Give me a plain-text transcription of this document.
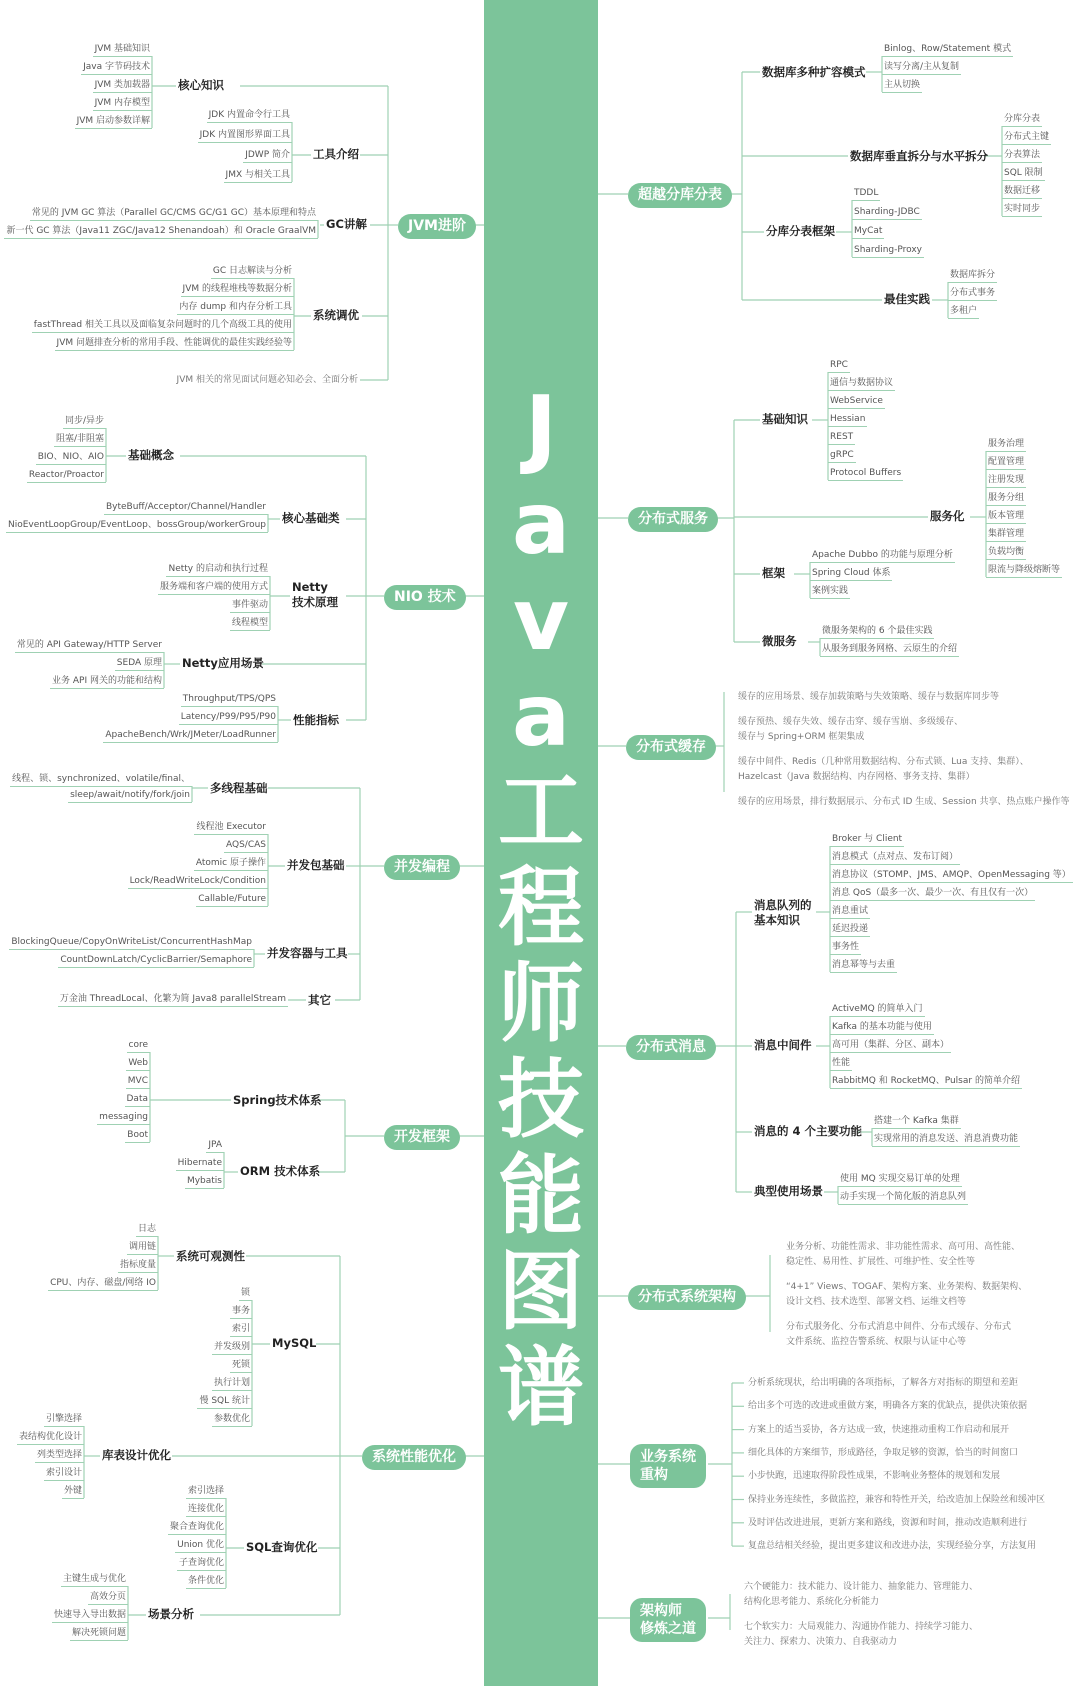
J
a
v
a
工
程
师
技
能
图
谱
JVM进阶
核心知识
JVM 基础知识
Java 字节码技术
JVM 类加载器
JVM 内存模型
JVM 启动参数详解
工具介绍
JDK 内置命令行工具
JDK 内置图形界面工具
JDWP 简介
JMX 与相关工具
GC讲解
常见的 JVM GC 算法（Parallel GC/CMS GC/G1 GC）基本原理和特点
新一代 GC 算法（Java11 ZGC/Java12 Shenandoah）和 Oracle GraalVM
系统调优
GC 日志解读与分析
JVM 的线程堆栈等数据分析
内存 dump 和内存分析工具
fastThread 相关工具以及面临复杂问题时的几个高级工具的使用
JVM 问题排查分析的常用手段、性能调优的最佳实践经验等
JVM 相关的常见面试问题必知必会、全面分析
NIO 技术
基础概念
同步/异步
阻塞/非阻塞
BIO、NIO、AIO
Reactor/Proactor
核心基础类
ByteBuff/Acceptor/Channel/Handler
NioEventLoopGroup/EventLoop、bossGroup/workerGroup
Netty
技术原理
Netty 的启动和执行过程
服务端和客户端的使用方式
事件驱动
线程模型
Netty应用场景
常见的 API Gateway/HTTP Server
SEDA 原理
业务 API 网关的功能和结构
性能指标
Throughput/TPS/QPS
Latency/P99/P95/P90
ApacheBench/Wrk/JMeter/LoadRunner
并发编程
多线程基础
线程、锁、synchronized、volatile/final、
sleep/await/notify/fork/join
并发包基础
线程池 Executor
AQS/CAS
Atomic 原子操作
Lock/ReadWriteLock/Condition
Callable/Future
并发容器与工具
BlockingQueue/CopyOnWriteList/ConcurrentHashMap
CountDownLatch/CyclicBarrier/Semaphore
其它
万金油 ThreadLocal、化繁为简 Java8 parallelStream
开发框架
Spring技术体系
core
Web
MVC
Data
messaging
Boot
ORM 技术体系
JPA
Hibernate
Mybatis
系统性能优化
系统可观测性
日志
调用链
指标度量
CPU、内存、磁盘/网络 IO
MySQL
锁
事务
索引
并发级别
死锁
执行计划
慢 SQL 统计
参数优化
库表设计优化
引擎选择
表结构优化设计
列类型选择
索引设计
外键
SQL查询优化
索引选择
连接优化
聚合查询优化
Union 优化
子查询优化
条件优化
场景分析
主键生成与优化
高效分页
快速导入导出数据
解决死锁问题
超越分库分表
数据库多种扩容模式
Binlog、Row/Statement 模式
读写分离/主从复制
主从切换
数据库垂直拆分与水平拆分
分库分表
分布式主键
分表算法
SQL 限制
数据迁移
实时同步
分库分表框架
TDDL
Sharding-JDBC
MyCat
Sharding-Proxy
最佳实践
数据库拆分
分布式事务
多租户
分布式服务
基础知识
RPC
通信与数据协议
WebService
Hessian
REST
gRPC
Protocol Buffers
服务化
服务治理
配置管理
注册发现
服务分组
版本管理
集群管理
负载均衡
限流与降级熔断等
框架
Apache Dubbo 的功能与原理分析
Spring Cloud 体系
案例实践
微服务
微服务架构的 6 个最佳实践
从服务到服务网格、云原生的介绍
分布式缓存
缓存的应用场景、缓存加载策略与失效策略、缓存与数据库同步等
缓存预热、缓存失效、缓存击穿、缓存雪崩、多级缓存、
缓存与 Spring+ORM 框架集成
缓存中间件、Redis（几种常用数据结构、分布式锁、Lua 支持、集群）、
Hazelcast（Java 数据结构、内存网格、事务支持、集群）
缓存的应用场景，排行数据展示、分布式 ID 生成、Session 共享、热点账户操作等
分布式消息
消息队列的
基本知识
Broker 与 Client
消息模式（点对点、发布订阅）
消息协议（STOMP、JMS、AMQP、OpenMessaging 等）
消息 QoS（最多一次、最少一次、有且仅有一次）
消息重试
延迟投递
事务性
消息幂等与去重
消息中间件
ActiveMQ 的简单入门
Kafka 的基本功能与使用
高可用（集群、分区、副本）
性能
RabbitMQ 和 RocketMQ、Pulsar 的简单介绍
消息的 4 个主要功能
搭建一个 Kafka 集群
实现常用的消息发送、消息消费功能
典型使用场景
使用 MQ 实现交易订单的处理
动手实现一个简化版的消息队列
分布式系统架构
业务分析、功能性需求、非功能性需求、高可用、高性能、
稳定性、易用性、扩展性、可维护性、安全性等
“4+1” Views、TOGAF、架构方案、业务架构、数据架构、
设计文档、技术选型、部署文档、运维文档等
分布式服务化、分布式消息中间件、分布式缓存、分布式
文件系统、监控告警系统、权限与认证中心等
业务系统
重构
分析系统现状，给出明确的各项指标，了解各方对指标的期望和差距
给出多个可选的改进或重做方案，明确各方案的优缺点，提供决策依据
方案上的适当妥协，各方达成一致，快速推动重构工作启动和展开
细化具体的方案细节，形成路径，争取足够的资源，恰当的时间窗口
小步快跑，迅速取得阶段性成果，不影响业务整体的规划和发展
保持业务连续性，多做监控，兼容和特性开关，给改造加上保险丝和缓冲区
及时评估改进进展，更新方案和路线，资源和时间，推动改造顺利进行
复盘总结相关经验，提出更多建议和改进办法，实现经验分享，方法复用
架构师
修炼之道
六个硬能力：技术能力、设计能力、抽象能力、管理能力、
结构化思考能力、系统化分析能力
七个软实力：大局观能力、沟通协作能力、持续学习能力、
关注力、探索力、决策力、自我驱动力
